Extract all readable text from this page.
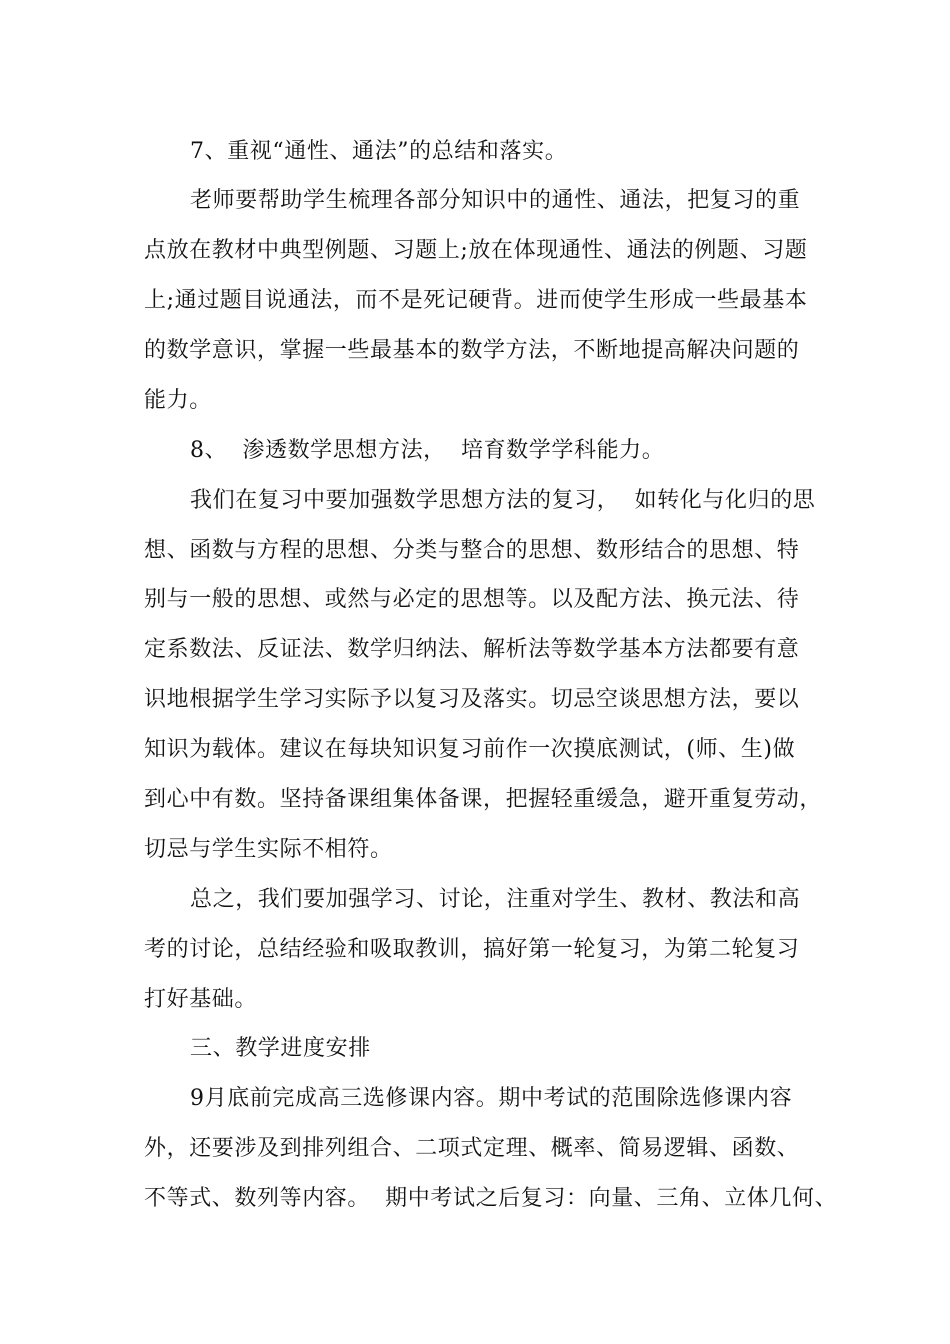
7、重视“通性、通法”的总结和落实。
老师要帮助学生梳理各部分知识中的通性、通法，把复习的重
点放在教材中典型例题、习题上;放在体现通性、通法的例题、习题
上;通过题目说通法，而不是死记硬背。进而使学生形成一些最基本
的数学意识，掌握一些最基本的数学方法，不断地提高解决问题的
能力。
8、  渗透数学思想方法，  培育数学学科能力。
我们在复习中要加强数学思想方法的复习，  如转化与化归的思
想、函数与方程的思想、分类与整合的思想、数形结合的思想、特
别与一般的思想、或然与必定的思想等。以及配方法、换元法、待
定系数法、反证法、数学归纳法、解析法等数学基本方法都要有意
识地根据学生学习实际予以复习及落实。切忌空谈思想方法，要以
知识为载体。建议在每块知识复习前作一次摸底测试，(师、生)做
到心中有数。坚持备课组集体备课，把握轻重缓急，避开重复劳动，
切忌与学生实际不相符。
总之，我们要加强学习、讨论，注重对学生、教材、教法和高
考的讨论，总结经验和吸取教训，搞好第一轮复习，为第二轮复习
打好基础。
三、教学进度安排
9月底前完成高三选修课内容。期中考试的范围除选修课内容
外，还要涉及到排列组合、二项式定理、概率、简易逻辑、函数、
不等式、数列等内容。  期中考试之后复习：向量、三角、立体几何、
